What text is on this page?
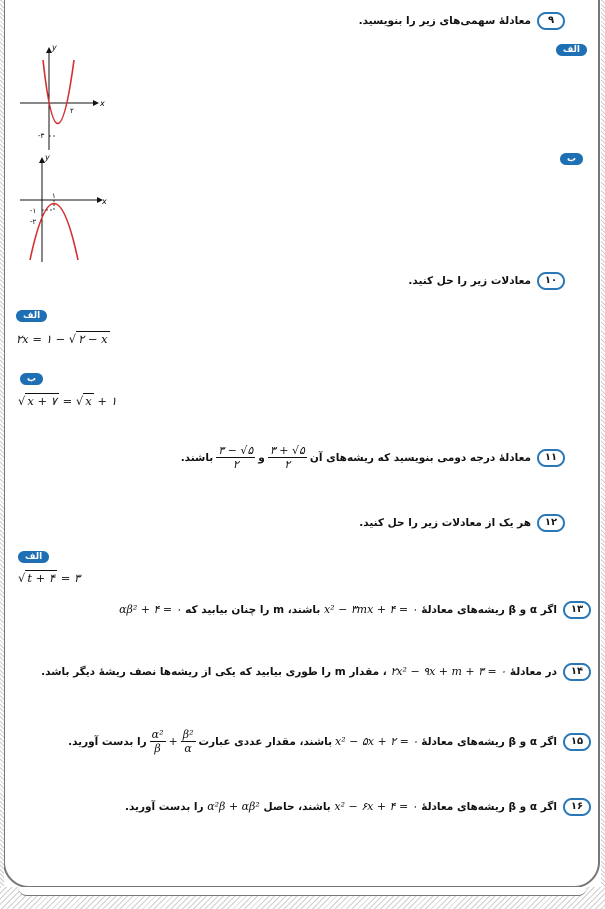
۹معادلهٔ سهمی‌های زیر را بنویسید.
الف
ب
y
x
۲
-۳
y
x
۱
-۱
-۲
۱۰معادلات زیر را حل کنید.
الف
۲x = ۱ − √ ۲ − x
ب
√ x + ۷ = √ x + ۱
۱۱
معادلهٔ درجه دومی بنویسید که ریشه‌های آن
$\frac{۳ + √۵}{۲}$
و
$\frac{۳ - √۵}{۲}$
باشند.
۱۲هر یک از معادلات زیر را حل کنید.
الف
√ t + ۴ = ۳
۱۳اگر α و β ریشه‌های معادلهٔ x² − ۳mx + ۴ = ۰ باشند، m را چنان بیابید که αβ² + ۴ = ۰
۱۴در معادلهٔ ۲x² − ۹x + m + ۳ = ۰ ، مقدار m را طوری بیابید که یکی از ریشه‌ها نصف ریشهٔ دیگر باشد.
۱۵
اگر α و β ریشه‌های معادلهٔ
x² − ۵x + ۲ = ۰
باشند، مقدار عددی عبارت
$\frac{\text{α²}}{\beta} + \frac{\text{β²}}{\alpha}$
را بدست آورید.
۱۶اگر α و β ریشه‌های معادلهٔ x² − ۶x + ۴ = ۰ باشند، حاصل α²β + αβ² را بدست آورید.
